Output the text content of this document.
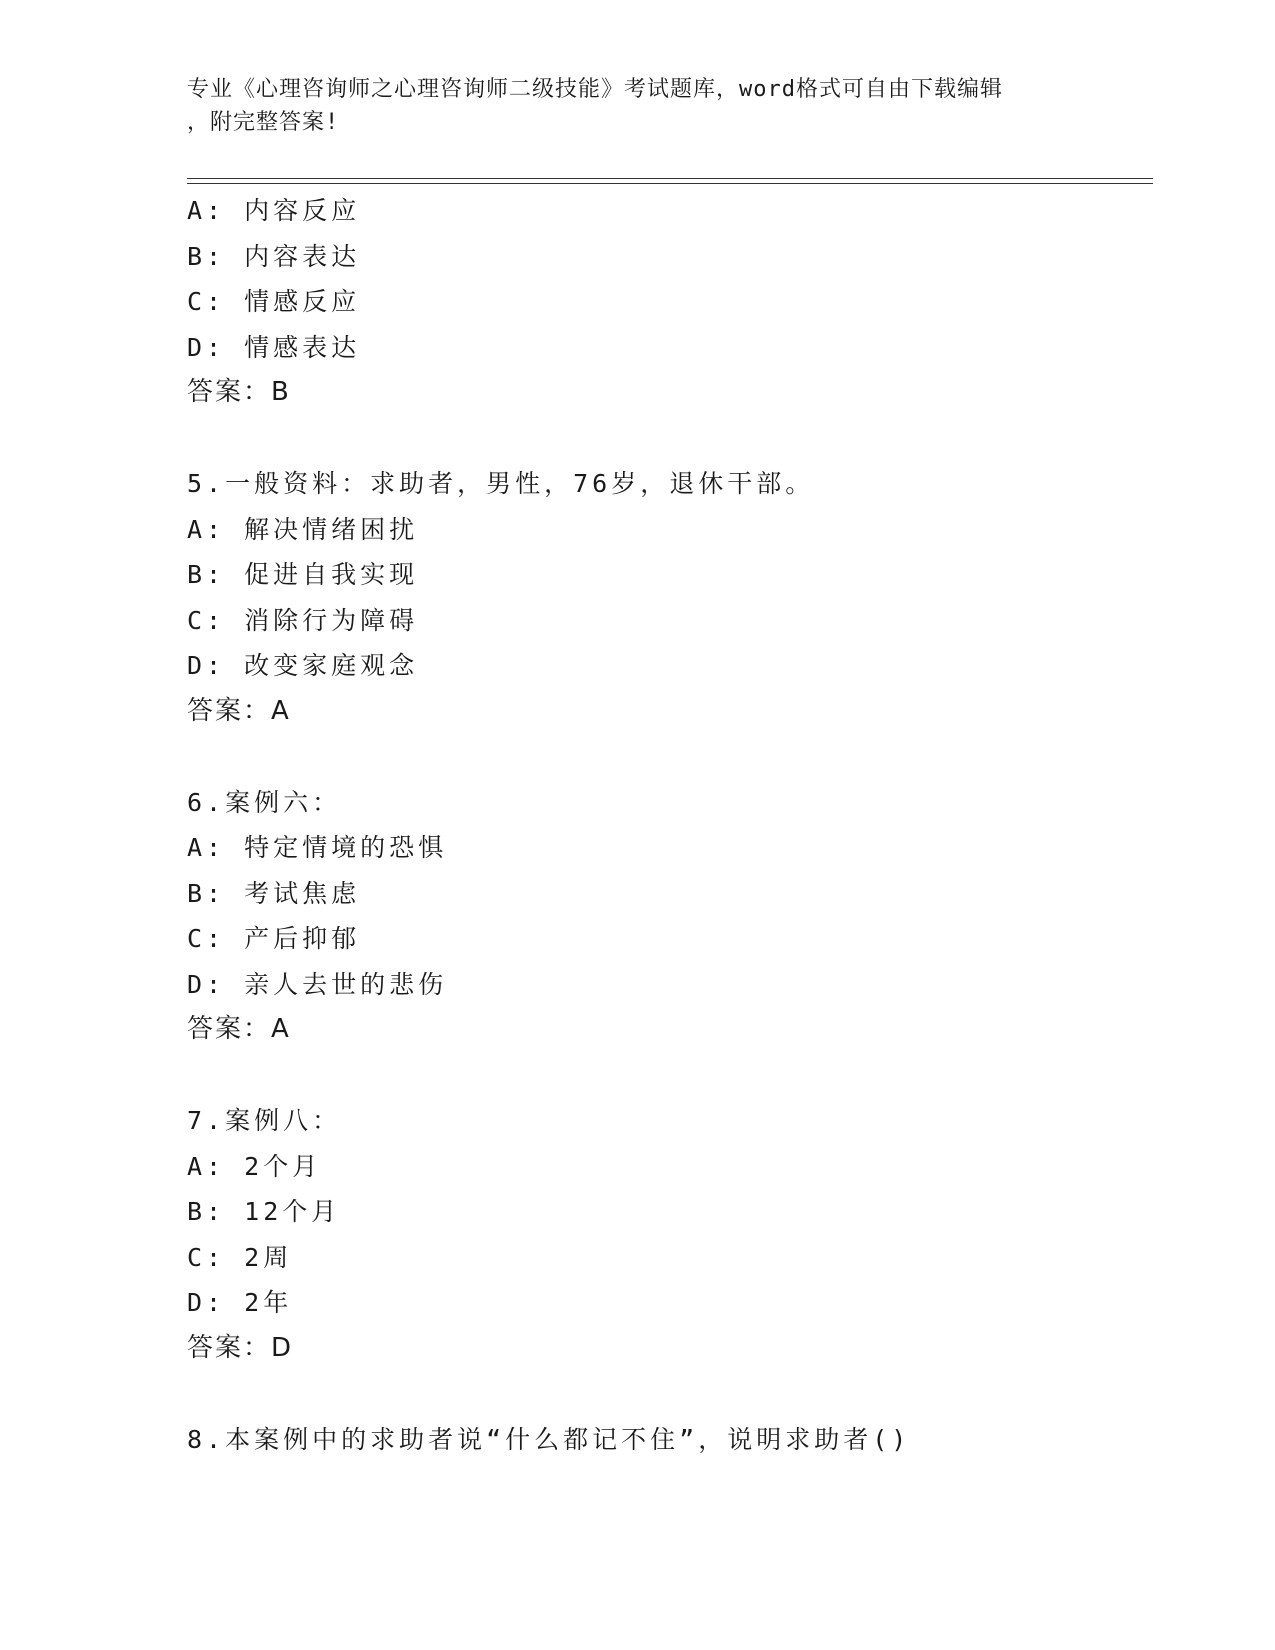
专业《心理咨询师之心理咨询师二级技能》考试题库，word格式可自由下载编辑
，附完整答案!
A: 内容反应
B: 内容表达
C: 情感反应
D: 情感表达
答案：B
5.一般资料：求助者，男性，76岁，退休干部。
A: 解决情绪困扰
B: 促进自我实现
C: 消除行为障碍
D: 改变家庭观念
答案：A
6.案例六：
A: 特定情境的恐惧
B: 考试焦虑
C: 产后抑郁
D: 亲人去世的悲伤
答案：A
7.案例八：
A: 2个月
B: 12个月
C: 2周
D: 2年
答案：D
8.本案例中的求助者说“什么都记不住”，说明求助者()
